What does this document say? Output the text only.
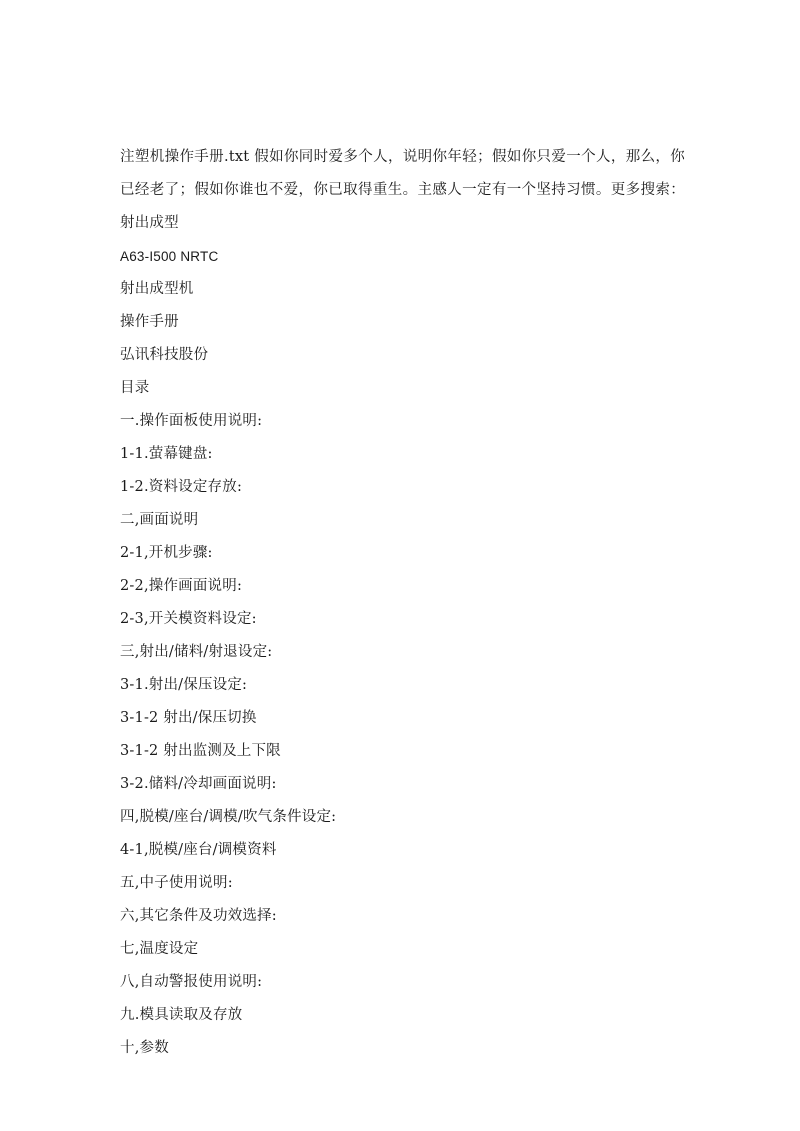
注塑机操作手册.txt 假如你同时爱多个人，说明你年轻；假如你只爱一个人，那么，你已经老了；假如你谁也不爱，你已取得重生。主感人一定有一个坚持习惯。更多搜索：射出成型

A63-I500 NRTC
射出成型机
操作手册
弘讯科技股份
目录
一.操作面板使用说明:
1-1.萤幕键盘:
1-2.资料设定存放:
二,画面说明
2-1,开机步骤:
2-2,操作画面说明:
2-3,开关模资料设定:
三,射出/储料/射退设定:
3-1.射出/保压设定:
3-1-2 射出/保压切换
3-1-2 射出监测及上下限
3-2.储料/冷却画面说明:
四,脱模/座台/调模/吹气条件设定:
4-1,脱模/座台/调模资料
五,中子使用说明:
六,其它条件及功效选择:
七,温度设定
八,自动警报使用说明:
九.模具读取及存放
十,参数
